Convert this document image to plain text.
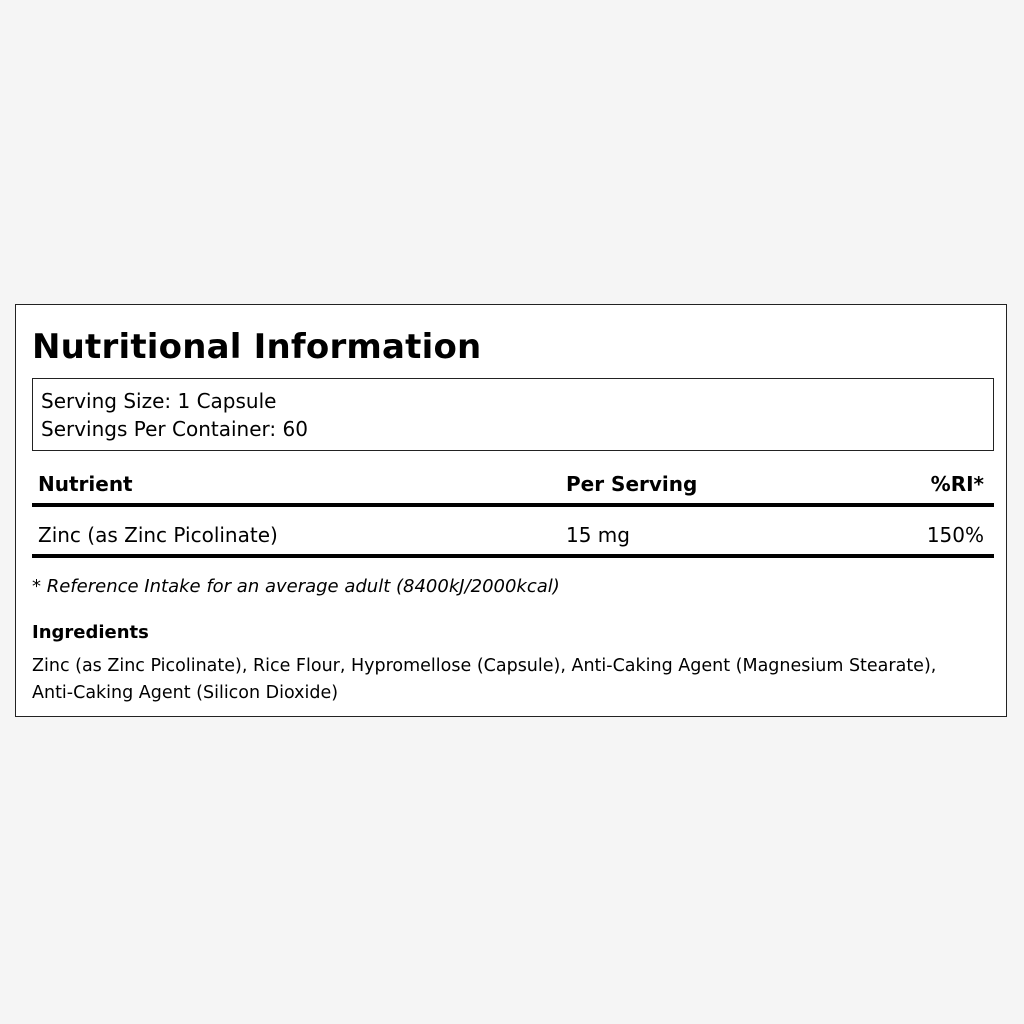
Nutritional Information
Serving Size: 1 Capsule
Servings Per Container: 60
Nutrient	Per Serving	%RI*
Zinc (as Zinc Picolinate)	15 mg	150%
* Reference Intake for an average adult (8400kJ/2000kcal)
Ingredients
Zinc (as Zinc Picolinate), Rice Flour, Hypromellose (Capsule), Anti-Caking Agent (Magnesium Stearate), Anti-Caking Agent (Silicon Dioxide)
